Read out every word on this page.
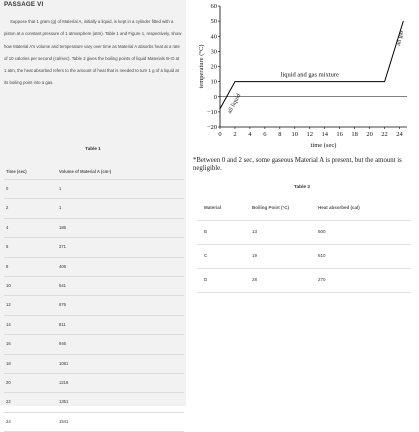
PASSAGE VI
Suppose that 1 gram (g) of Material A, initially a liquid, is kept in a cylinder fitted with a piston at a constant pressure of 1 atmosphere (atm). Table 1 and Figure 1, respectively, show how Material A's volume and temperature vary over time as Material A absorbs heat at a rate of 10 calories per second (cal/sec). Table 2 gives the boiling points of liquid Materials B–D at 1 atm, the heat absorbed refers to the amount of heat that is needed to turn 1 g of a liquid at its boiling point into a gas.
Table 1
Time (sec)	Volume of Material A (cm³)
0	1
2	1
4	186
6	371
8	406
10	541
12	676
14	811
16	946
18	1081
20	1216
22	1351
24	1541
−20
−10
0
10
20
30
40
50
60
0 2 4 6 8 10 12 14 16 18 20 22 24
time (sec)
temperature (°C)
all liquid
liquid and gas mixture
all gas
*Between 0 and 2 sec, some gaseous Material A is present, but the amount is negligible.
Table 2
Material	Boiling Point (°C)	Heat absorbed (cal)
B	13	500
C	19	610
D	28	270
